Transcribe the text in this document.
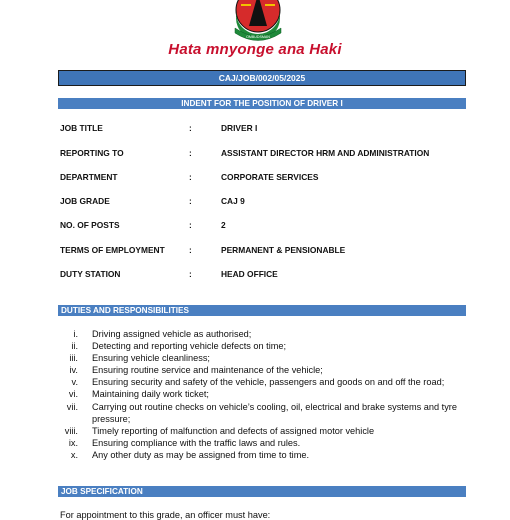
OMBUDSMAN
Hata mnyonge ana Haki
CAJ/JOB/002/05/2025
INDENT FOR THE POSITION OF DRIVER I
JOB TITLE	:	DRIVER I
REPORTING TO	:	ASSISTANT DIRECTOR HRM AND ADMINISTRATION
DEPARTMENT	:	CORPORATE SERVICES
JOB GRADE	:	CAJ 9
NO. OF POSTS	:	2
TERMS OF EMPLOYMENT	:	PERMANENT & PENSIONABLE
DUTY STATION	:	HEAD OFFICE
DUTIES AND RESPONSIBILITIES
i. Driving assigned vehicle as authorised;
ii. Detecting and reporting vehicle defects on time;
iii. Ensuring vehicle cleanliness;
iv. Ensuring routine service and maintenance of the vehicle;
v. Ensuring security and safety of the vehicle, passengers and goods on and off the road;
vi. Maintaining daily work ticket;
vii. Carrying out routine checks on vehicle’s cooling, oil, electrical and brake systems and tyre pressure;
viii. Timely reporting of malfunction and defects of assigned motor vehicle
ix. Ensuring compliance with the traffic laws and rules.
x. Any other duty as may be assigned from time to time.
JOB SPECIFICATION
For appointment to this grade, an officer must have:
